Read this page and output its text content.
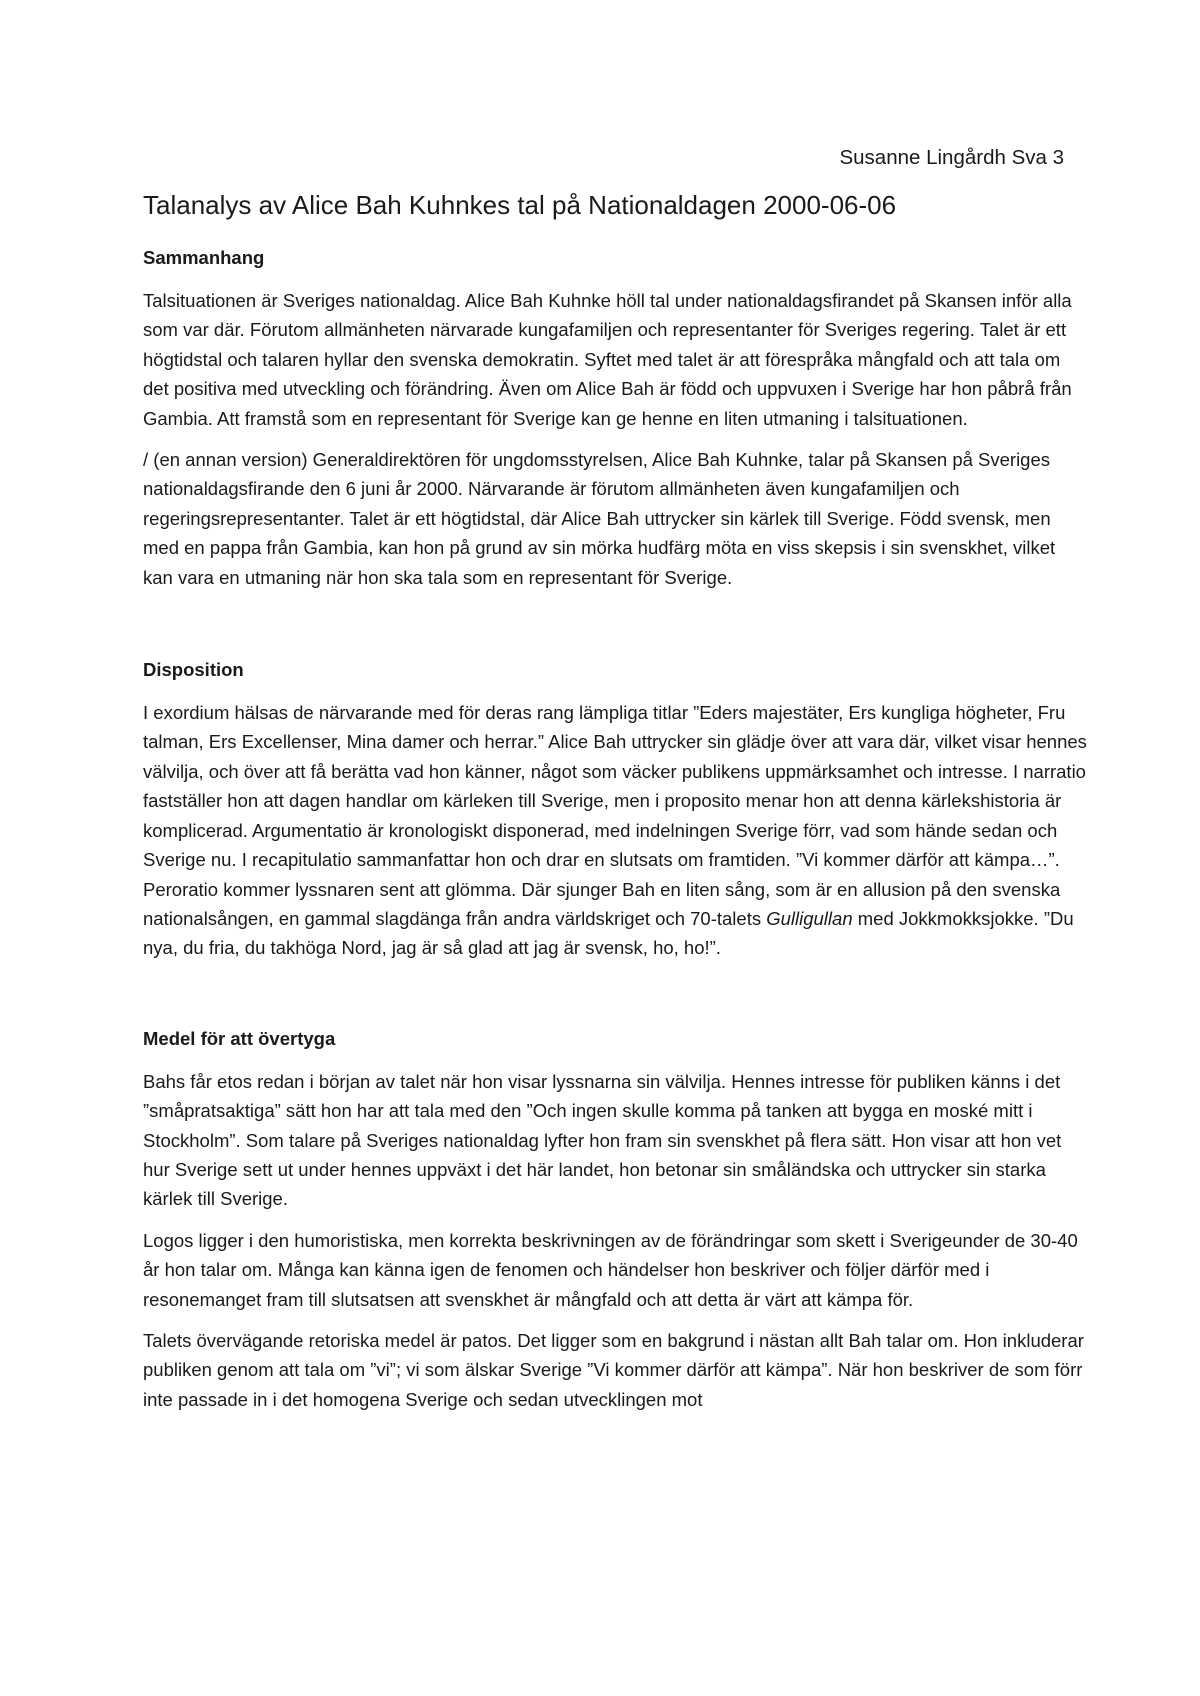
Susanne Lingårdh Sva 3

Talanalys av Alice Bah Kuhnkes tal på Nationaldagen 2000-06-06
Sammanhang

Talsituationen är Sveriges nationaldag. Alice Bah Kuhnke höll tal under nationaldagsfirandet på Skansen inför alla som var där. Förutom allmänheten närvarade kungafamiljen och representanter för Sveriges regering. Talet är ett högtidstal och talaren hyllar den svenska demokratin. Syftet med talet är att förespråka mångfald och att tala om det positiva med utveckling och förändring. Även om Alice Bah är född och uppvuxen i Sverige har hon påbrå från Gambia. Att framstå som en representant för Sverige kan ge henne en liten utmaning i talsituationen.

/ (en annan version) Generaldirektören för ungdomsstyrelsen, Alice Bah Kuhnke, talar på Skansen på Sveriges nationaldagsfirande den 6 juni år 2000. Närvarande är förutom allmänheten även kungafamiljen och regeringsrepresentanter. Talet är ett högtidstal, där Alice Bah uttrycker sin kärlek till Sverige. Född svensk, men med en pappa från Gambia, kan hon på grund av sin mörka hudfärg möta en viss skepsis i sin svenskhet, vilket kan vara en utmaning när hon ska tala som en representant för Sverige.

Disposition

I exordium hälsas de närvarande med för deras rang lämpliga titlar ”Eders majestäter, Ers kungliga högheter, Fru talman, Ers Excellenser, Mina damer och herrar.” Alice Bah uttrycker sin glädje över att vara där, vilket visar hennes välvilja, och över att få berätta vad hon känner, något som väcker publikens uppmärksamhet och intresse. I narratio fastställer hon att dagen handlar om kärleken till Sverige, men i proposito menar hon att denna kärlekshistoria är komplicerad. Argumentatio är kronologiskt disponerad, med indelningen Sverige förr, vad som hände sedan och Sverige nu. I recapitulatio sammanfattar hon och drar en slutsats om framtiden. ”Vi kommer därför att kämpa…”. Peroratio kommer lyssnaren sent att glömma. Där sjunger Bah en liten sång, som är en allusion på den svenska nationalsången, en gammal slagdänga från andra världskriget och 70-talets Gulligullan med Jokkmokksjokke. ”Du nya, du fria, du takhöga Nord, jag är så glad att jag är svensk, ho, ho!”.

Medel för att övertyga

Bahs får etos redan i början av talet när hon visar lyssnarna sin välvilja. Hennes intresse för publiken känns i det ”småpratsaktiga” sätt hon har att tala med den ”Och ingen skulle komma på tanken att bygga en moské mitt i Stockholm”. Som talare på Sveriges nationaldag lyfter hon fram sin svenskhet på flera sätt. Hon visar att hon vet hur Sverige sett ut under hennes uppväxt i det här landet, hon betonar sin småländska och uttrycker sin starka kärlek till Sverige.

Logos ligger i den humoristiska, men korrekta beskrivningen av de förändringar som skett i Sverigeunder de 30-40 år hon talar om. Många kan känna igen de fenomen och händelser hon beskriver och följer därför med i resonemanget fram till slutsatsen att svenskhet är mångfald och att detta är värt att kämpa för.

Talets övervägande retoriska medel är patos. Det ligger som en bakgrund i nästan allt Bah talar om. Hon inkluderar publiken genom att tala om ”vi”; vi som älskar Sverige ”Vi kommer därför att kämpa”. När hon beskriver de som förr inte passade in i det homogena Sverige och sedan utvecklingen mot
